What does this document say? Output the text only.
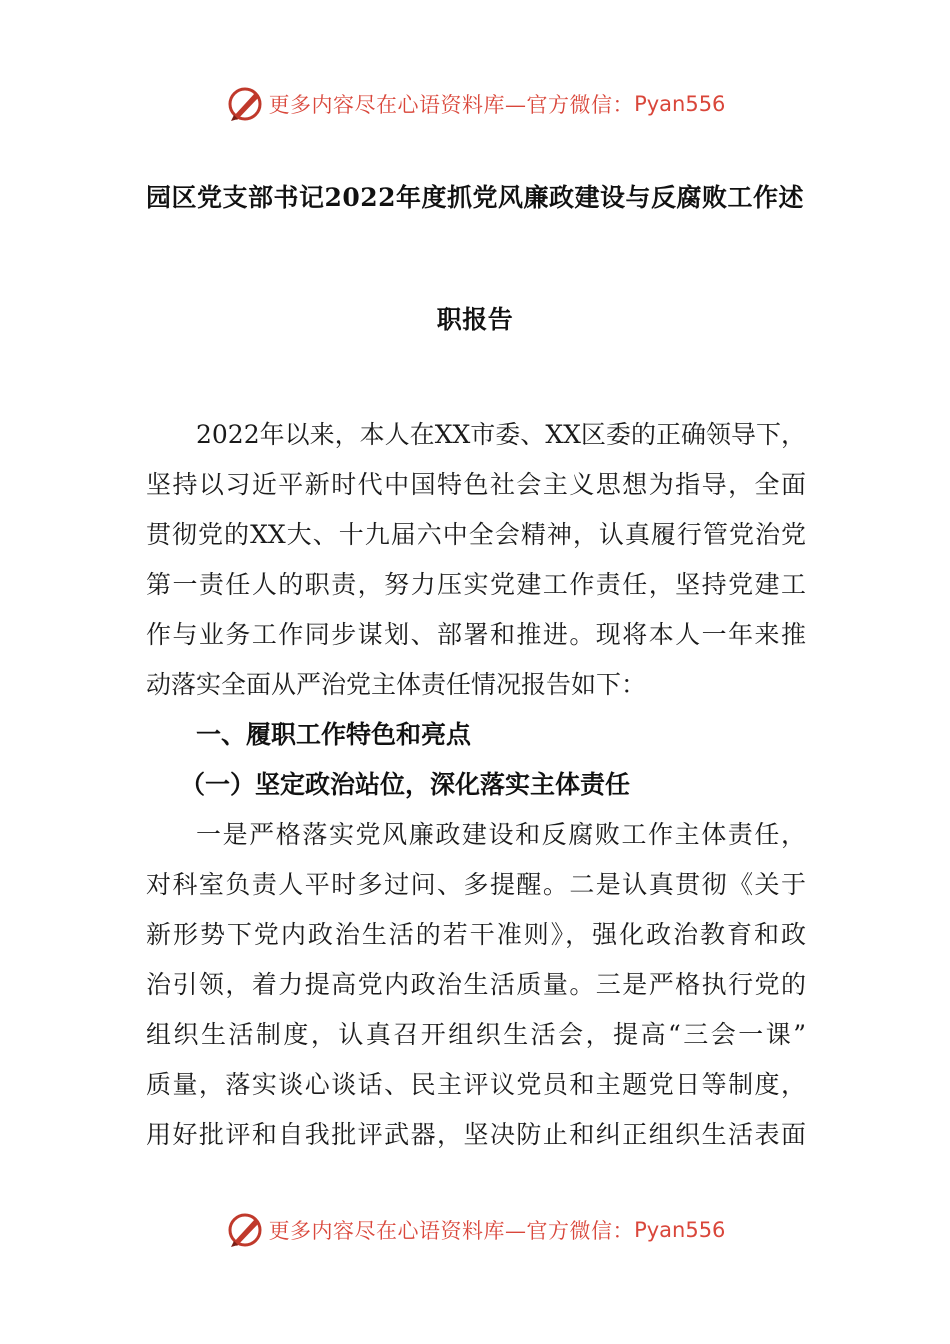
更多内容尽在心语资料库—官方微信： Pyan556
园区党支部书记2022年度抓党风廉政建设与反腐败工作述
职报告
2022年以来，本人在XX市委、XX区委的正确领导下，
坚持以习近平新时代中国特色社会主义思想为指导，全面
贯彻党的XX大、十九届六中全会精神，认真履行管党治党
第一责任人的职责，努力压实党建工作责任，坚持党建工
作与业务工作同步谋划、部署和推进。现将本人一年来推
动落实全面从严治党主体责任情况报告如下：
一、履职工作特色和亮点
（一）坚定政治站位，深化落实主体责任
一是严格落实党风廉政建设和反腐败工作主体责任，
对科室负责人平时多过问、多提醒。二是认真贯彻《关于
新形势下党内政治生活的若干准则》，强化政治教育和政
治引领，着力提高党内政治生活质量。三是严格执行党的
组织生活制度，认真召开组织生活会，提高“三会一课”
质量，落实谈心谈话、民主评议党员和主题党日等制度，
用好批评和自我批评武器，坚决防止和纠正组织生活表面
更多内容尽在心语资料库—官方微信： Pyan556
